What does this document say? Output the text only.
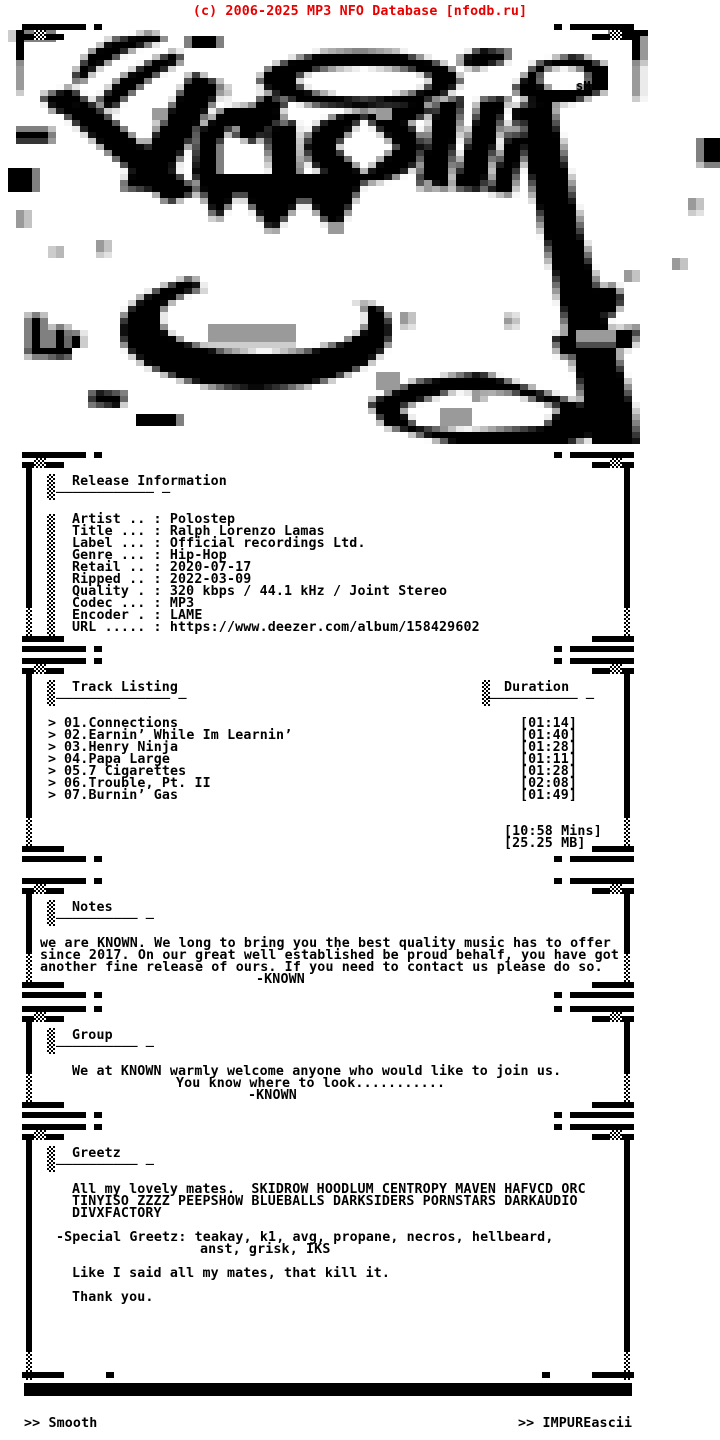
(c) 2006-2025 MP3 NFO Database [nfodb.ru]
sM
Release Information
──────────── ─
Artist .. : Polostep
Title ... : Ralph Lorenzo Lamas
Label ... : Official recordings Ltd.
Genre ... : Hip-Hop
Retail .. : 2020-07-17
Ripped .. : 2022-03-09
Quality . : 320 kbps / 44.1 kHz / Joint Stereo
Codec ... : MP3
Encoder . : LAME
URL ..... : https://www.deezer.com/album/158429602
Track Listing
────────────── ─
Duration
─────────── ─
> 01.Connections	[01:14]
> 02.Earnin’ While Im Learnin’	[01:40]
> 03.Henry Ninja	[01:28]
> 04.Papa Large	[01:11]
> 05.7 Cigarettes	[01:28]
> 06.Trouble, Pt. II	[02:08]
> 07.Burnin’ Gas	[01:49]
[10:58 Mins]
[25.25 MB]
Notes
────────── ─
we are KNOWN. We long to bring you the best quality music has to offer
since 2017. On our great well established be proud behalf, you have got
another fine release of ours. If you need to contact us please do so.
-KNOWN
Group
────────── ─
We at KNOWN warmly welcome anyone who would like to join us.
You know where to look...........
-KNOWN
Greetz
────────── ─
All my lovely mates.  SKIDROW HOODLUM CENTROPY MAVEN HAFVCD ORC
TINYISO ZZZZ PEEPSHOW BLUEBALLS DARKSIDERS PORNSTARS DARKAUDIO
DIVXFACTORY
-Special Greetz: teakay, k1, avg, propane, necros, hellbeard,
anst, grisk, IKS
Like I said all my mates, that kill it.
Thank you.
>> Smooth	>> IMPUREascii
